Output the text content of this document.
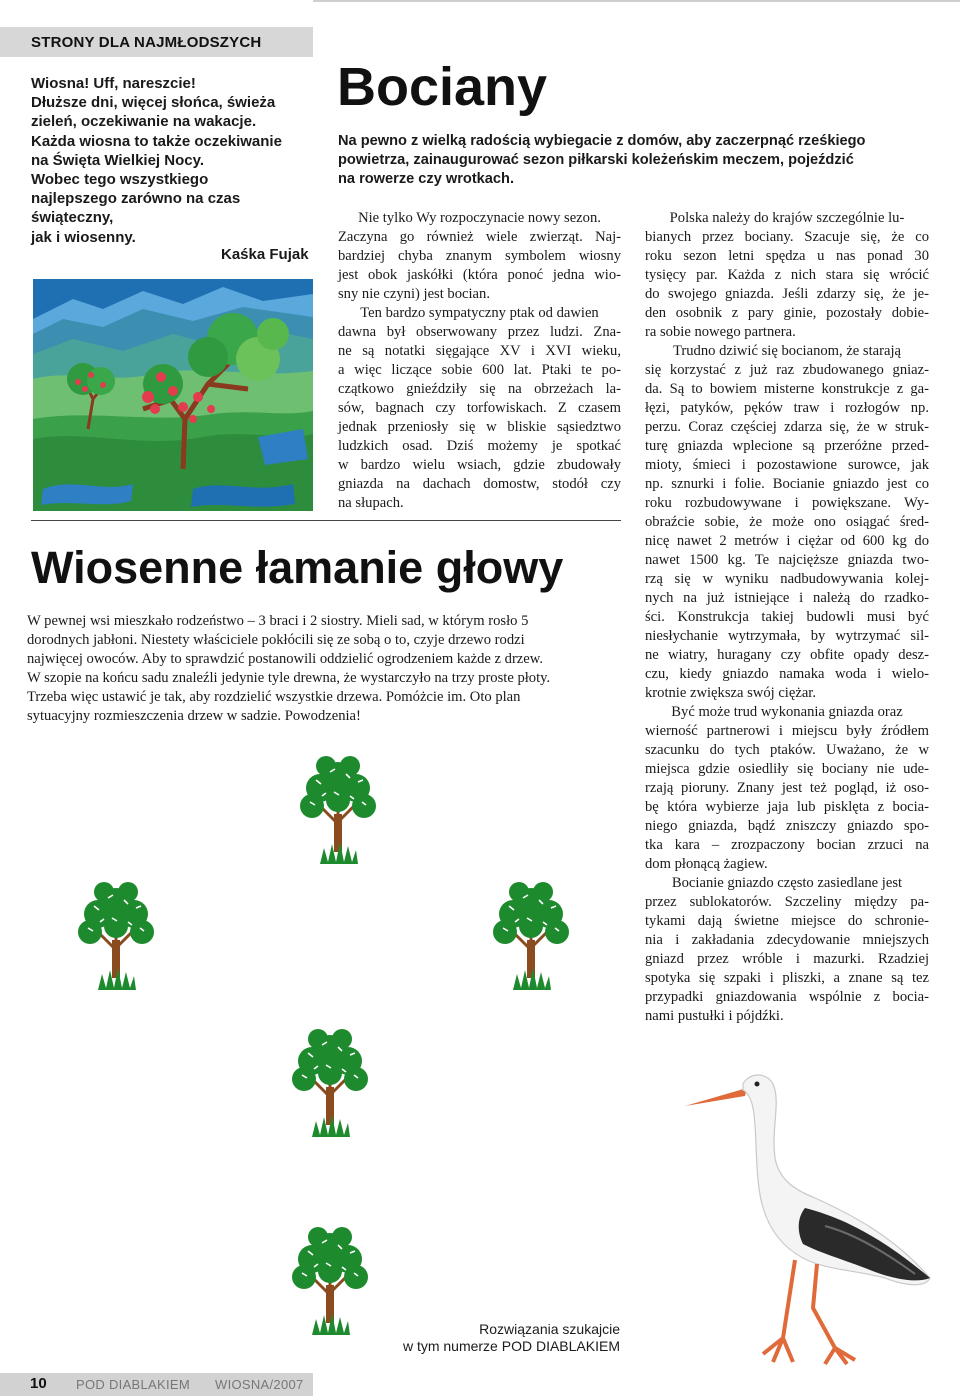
STRONY DLA NAJMŁODSZYCH
Wiosna! Uff, nareszcie!
Dłuższe dni, więcej słońca, świeża
zieleń, oczekiwanie na wakacje.
Każda wiosna to także oczekiwanie
na Święta Wielkiej Nocy.
Wobec tego wszystkiego
najlepszego zarówno na czas
świąteczny,
jak i wiosenny.
Kaśka Fujak
Bociany
Na pewno z wielką radością wybiegacie z domów, aby zaczerpnąć rześkiego
powietrza, zainaugurować sezon piłkarski koleżeńskim meczem, pojeździć
na rowerze czy wrotkach.
Nie tylko Wy rozpoczynacie nowy sezon.
Zaczyna go również wiele zwierząt. Naj-
bardziej chyba znanym symbolem wiosny
jest obok jaskółki (która ponoć jedna wio-
sny nie czyni) jest bocian.
Ten bardzo sympatyczny ptak od dawien
dawna był obserwowany przez ludzi. Zna-
ne są notatki sięgające XV i XVI wieku,
a więc liczące sobie 600 lat. Ptaki te po-
czątkowo gnieździły się na obrzeżach la-
sów, bagnach czy torfowiskach. Z czasem
jednak przeniosły się w bliskie sąsiedztwo
ludzkich osad. Dziś możemy je spotkać
w bardzo wielu wsiach, gdzie zbudowały
gniazda na dachach domostw, stodół czy
na słupach.
Polska należy do krajów szczególnie lu-
bianych przez bociany. Szacuje się, że co
roku sezon letni spędza u nas ponad 30
tysięcy par. Każda z nich stara się wrócić
do swojego gniazda. Jeśli zdarzy się, że je-
den osobnik z pary ginie, pozostały dobie-
ra sobie nowego partnera.
Trudno dziwić się bocianom, że starają
się korzystać z już raz zbudowanego gniaz-
da. Są to bowiem misterne konstrukcje z ga-
łęzi, patyków, pęków traw i rozłogów np.
perzu. Coraz częściej zdarza się, że w struk-
turę gniazda wplecione są przeróżne przed-
mioty, śmieci i pozostawione surowce, jak
np. sznurki i folie. Bocianie gniazdo jest co
roku rozbudowywane i powiększane. Wy-
obraźcie sobie, że może ono osiągać śred-
nicę nawet 2 metrów i ciężar od 600 kg do
nawet 1500 kg. Te najcięższe gniazda two-
rzą się w wyniku nadbudowywania kolej-
nych na już istniejące i należą do rzadko-
ści. Konstrukcja takiej budowli musi być
niesłychanie wytrzymała, by wytrzymać sil-
ne wiatry, huragany czy obfite opady desz-
czu, kiedy gniazdo namaka woda i wielo-
krotnie zwiększa swój ciężar.
Być może trud wykonania gniazda oraz
wierność partnerowi i miejscu były źródłem
szacunku do tych ptaków. Uważano, że w
miejsca gdzie osiedliły się bociany nie ude-
rzają pioruny. Znany jest też pogląd, iż oso-
bę która wybierze jaja lub pisklęta z bocia-
niego gniazda, bądź zniszczy gniazdo spo-
tka kara – zrozpaczony bocian zrzuci na
dom płonącą żagiew.
Bocianie gniazdo często zasiedlane jest
przez sublokatorów. Szczeliny między pa-
tykami dają świetne miejsce do schronie-
nia i zakładania zdecydowanie mniejszych
gniazd przez wróble i mazurki. Rzadziej
spotyka się szpaki i pliszki, a znane są tez
przypadki gniazdowania wspólnie z bocia-
nami pustułki i pójdźki.
Wiosenne łamanie głowy
W pewnej wsi mieszkało rodzeństwo – 3 braci i 2 siostry. Mieli sad, w którym rosło 5
dorodnych jabłoni. Niestety właściciele pokłócili się ze sobą o to, czyje drzewo rodzi
najwięcej owoców. Aby to sprawdzić postanowili oddzielić ogrodzeniem każde z drzew.
W szopie na końcu sadu znaleźli jedynie tyle drewna, że wystarczyło na trzy proste płoty.
Trzeba więc ustawić je tak, aby rozdzielić wszystkie drzewa. Pomóżcie im. Oto plan
sytuacyjny rozmieszczenia drzew w sadzie. Powodzenia!
Rozwiązania szukajcie
w tym numerze POD DIABLAKIEM
10 POD DIABLAKIEM WIOSNA/2007
